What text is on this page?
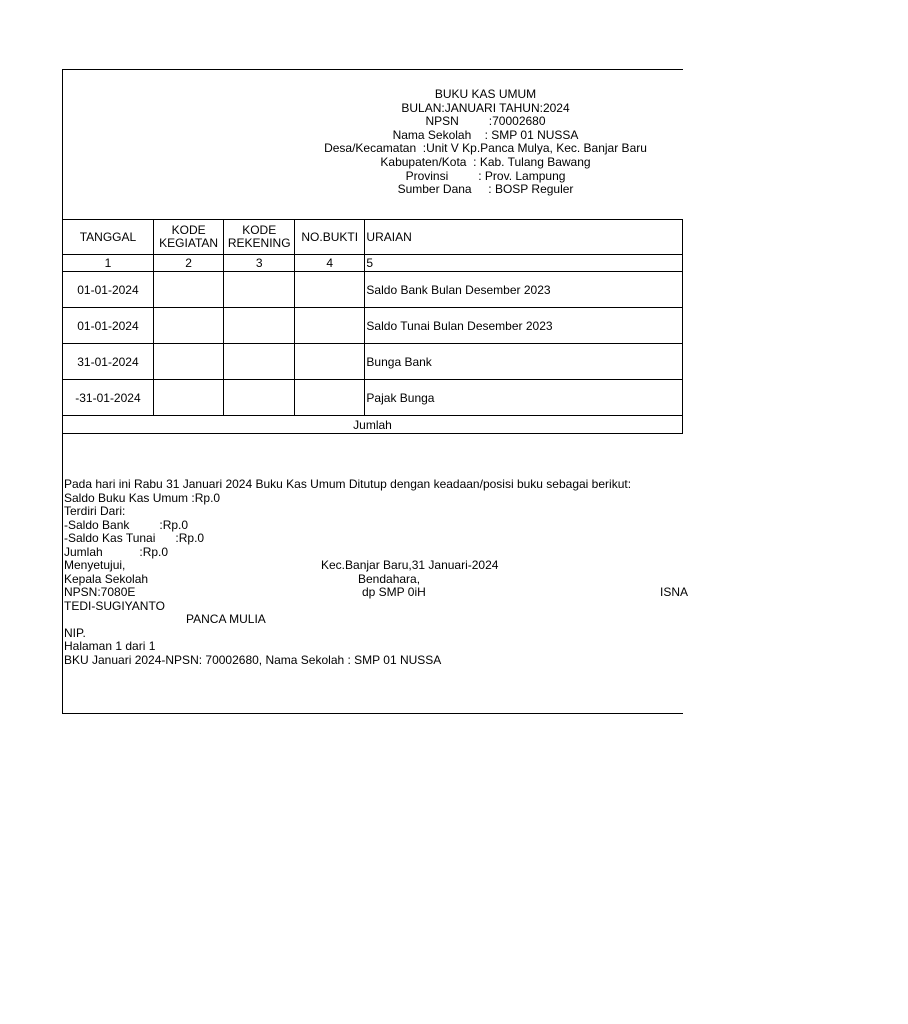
BUKU KAS UMUM
BULAN:JANUARI TAHUN:2024
NPSN         :70002680
Nama Sekolah    : SMP 01 NUSSA
Desa/Kecamatan  :Unit V Kp.Panca Mulya, Kec. Banjar Baru
Kabupaten/Kota  : Kab. Tulang Bawang
Provinsi         : Prov. Lampung
Sumber Dana     : BOSP Reguler
TANGGAL	KODE KEGIATAN	KODE REKENING	NO.BUKTI	URAIAN
1	2	3	4	5
01-01-2024				Saldo Bank Bulan Desember 2023
01-01-2024				Saldo Tunai Bulan Desember 2023
31-01-2024				Bunga Bank
-31-01-2024				Pajak Bunga
Jumlah				
Pada hari ini Rabu 31 Januari 2024 Buku Kas Umum Ditutup dengan keadaan/posisi buku sebagai berikut:
Saldo Buku Kas Umum :Rp.0
Terdiri Dari:
-Saldo Bank         :Rp.0
-Saldo Kas Tunai      :Rp.0
Jumlah           :Rp.0

Menyetujui,

	Kec.Banjar Baru,31 Januari-2024

Kepala Sekolah

	Bendahara,

NPSN:7080E

	dp SMP 0iH

	ISNA

TEDI-SUGIYANTO
PANCA MULIA
NIP.
Halaman 1 dari 1
BKU Januari 2024-NPSN: 70002680, Nama Sekolah : SMP 01 NUSSA
